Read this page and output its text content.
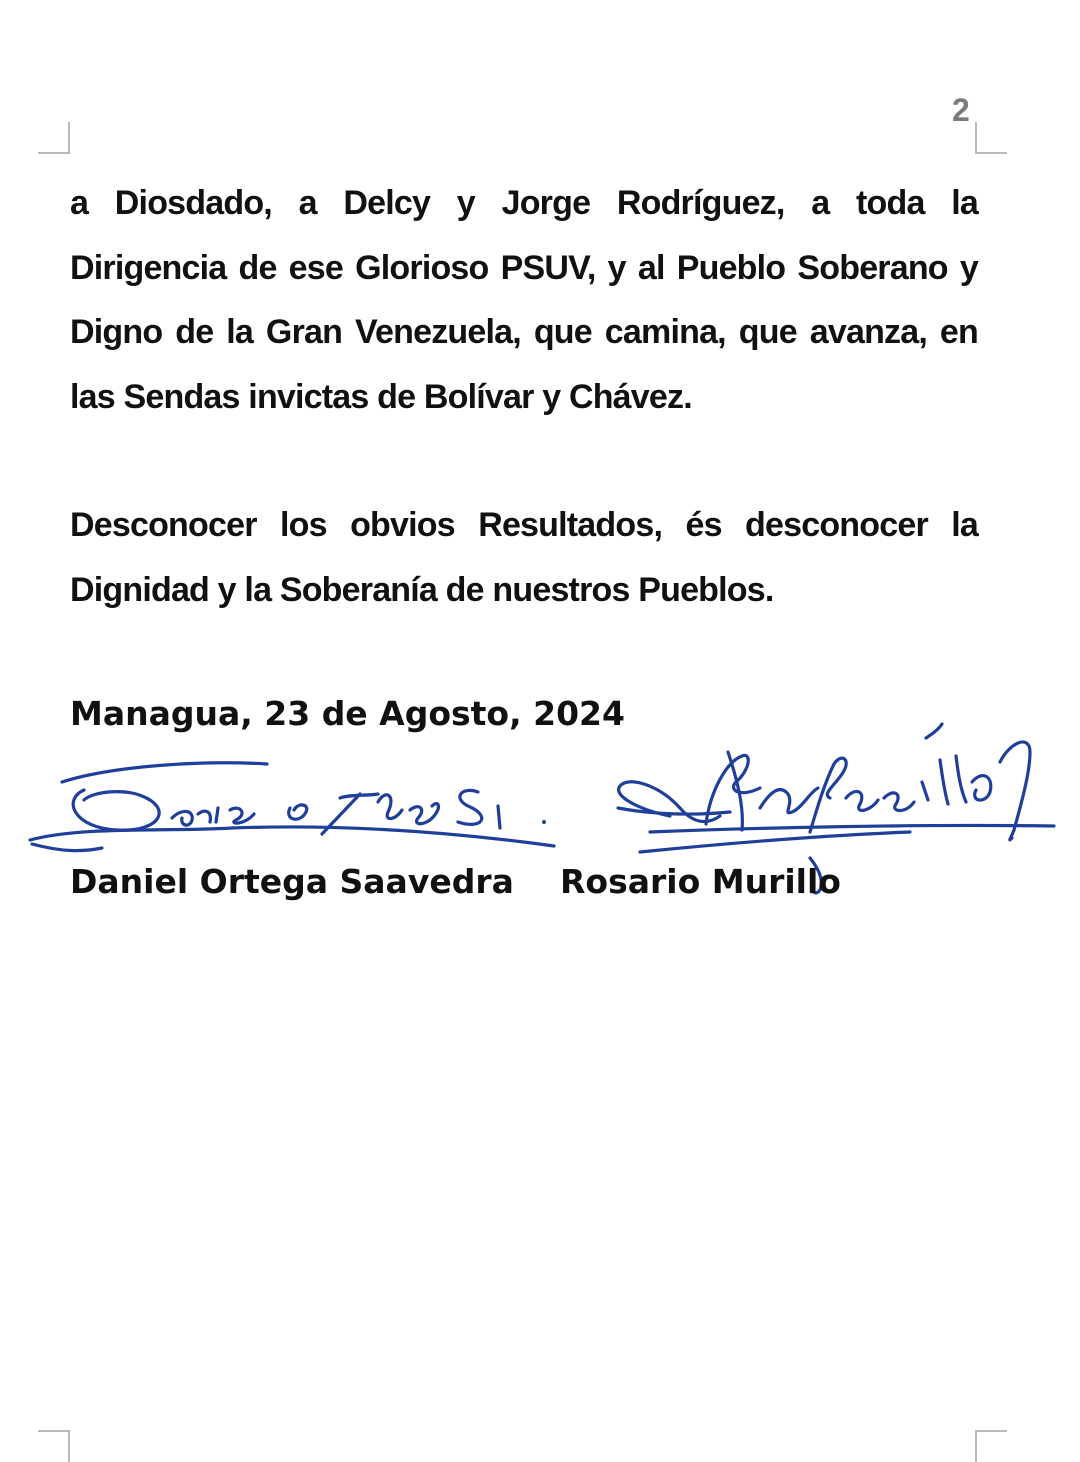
2

a Diosdado, a Delcy y Jorge Rodríguez, a toda la Dirigencia de ese Glorioso PSUV, y al Pueblo Soberano y Digno de la Gran Venezuela, que camina, que avanza, en las Sendas invictas de Bolívar y Chávez.

Desconocer los obvios Resultados, és desconocer la Dignidad y la Soberanía de nuestros Pueblos.

Managua, 23 de Agosto, 2024

Daniel Ortega Saavedra Rosario Murillo
